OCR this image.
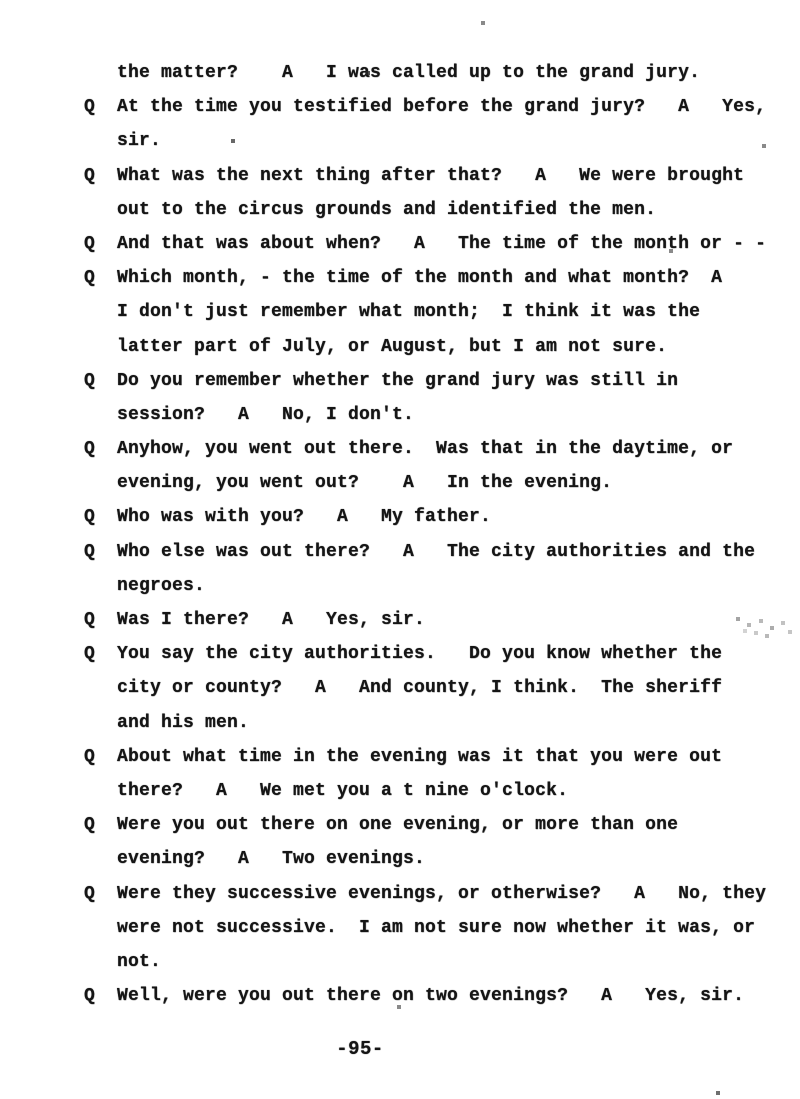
the matter?    A   I was called up to the grand jury.
Q	At the time you testified before the grand jury?   A   Yes,
sir.
Q	What was the next thing after that?   A   We were brought
out to the circus grounds and identified the men.
Q	And that was about when?   A   The time of the month or - -
Q	Which month, - the time of the month and what month?  A
I don't just remember what month;  I think it was the
latter part of July, or August, but I am not sure.
Q	Do you remember whether the grand jury was still in
session?   A   No, I don't.
Q	Anyhow, you went out there.  Was that in the daytime, or
evening, you went out?    A   In the evening.
Q	Who was with you?   A   My father.
Q	Who else was out there?   A   The city authorities and the
negroes.
Q	Was I there?   A   Yes, sir.
Q	You say the city authorities.   Do you know whether the
city or county?   A   And county, I think.  The sheriff
and his men.
Q	About what time in the evening was it that you were out
there?   A   We met you a t nine o'clock.
Q	Were you out there on one evening, or more than one
evening?   A   Two evenings.
Q	Were they successive evenings, or otherwise?   A   No, they
were not successive.  I am not sure now whether it was, or
not.
Q	Well, were you out there on two evenings?   A   Yes, sir.
-95-
